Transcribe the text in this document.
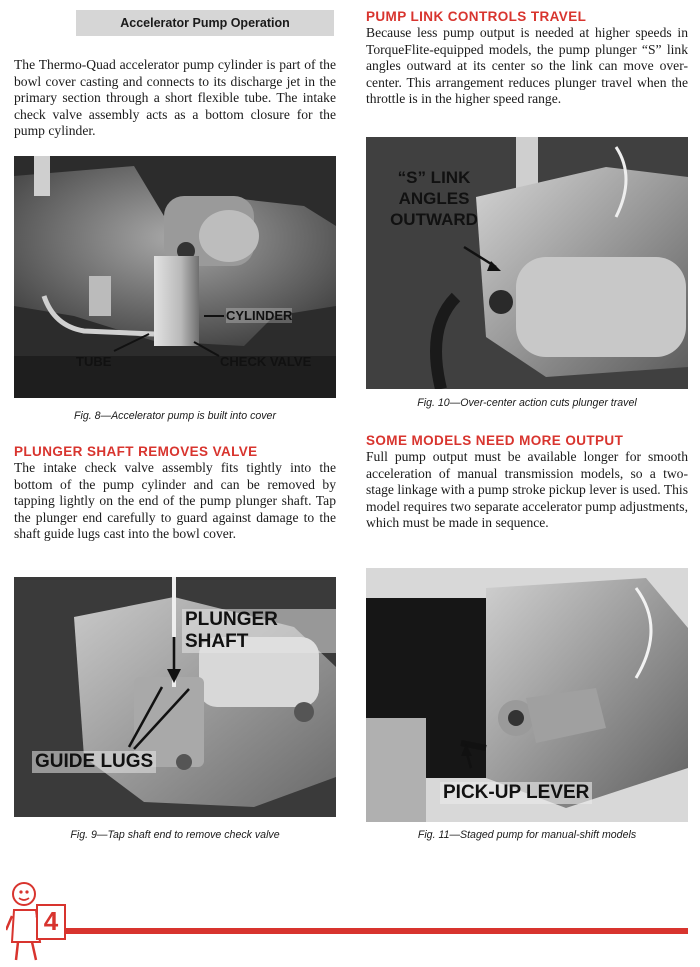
Accelerator Pump Operation

The Thermo-Quad accelerator pump cylinder is part of the bowl cover casting and connects to its discharge jet in the primary section through a short flexible tube. The intake check valve assembly acts as a bottom closure for the pump cylinder.

CYLINDER
TUBE	CHECK VALVE
Fig. 8—Accelerator pump is built into cover
PLUNGER SHAFT REMOVES VALVE

The intake check valve assembly fits tightly into the bottom of the pump cylinder and can be removed by tapping lightly on the end of the pump plunger shaft. Tap the plunger end carefully to guard against damage to the shaft guide lugs cast into the bowl cover.

PLUNGER SHAFT
GUIDE LUGS
Fig. 9—Tap shaft end to remove check valve
PUMP LINK CONTROLS TRAVEL

Because less pump output is needed at higher speeds in TorqueFlite-equipped models, the pump plunger “S” link angles outward at its center so the link can move over-center. This arrangement reduces plunger travel when the throttle is in the higher speed range.

“S” LINK
ANGLES
OUTWARD
Fig. 10—Over-center action cuts plunger travel
SOME MODELS NEED MORE OUTPUT

Full pump output must be available longer for smooth acceleration of manual transmission models, so a two-stage linkage with a pump stroke pickup lever is used. This model requires two separate accelerator pump adjustments, which must be made in sequence.

PICK-UP LEVER
Fig. 11—Staged pump for manual-shift models
4
